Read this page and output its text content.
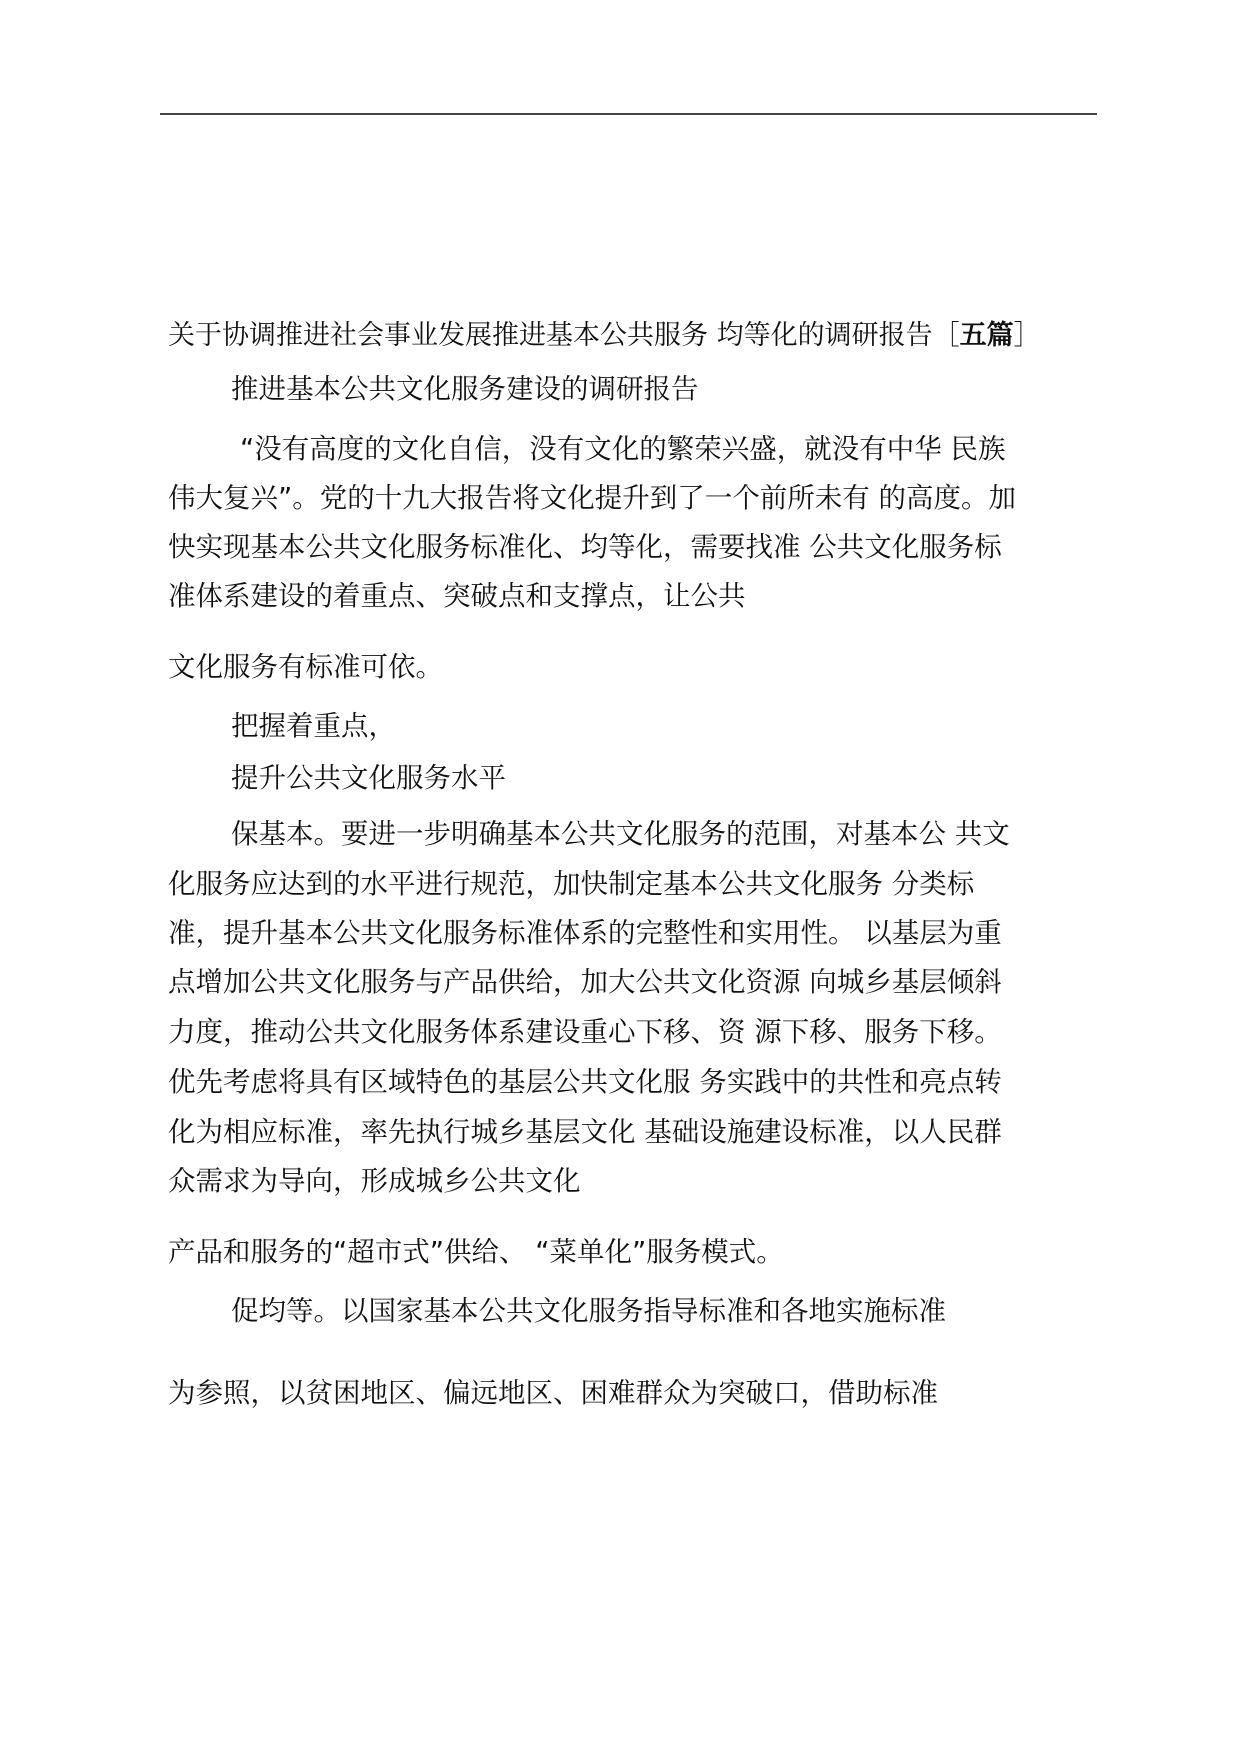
关于协调推进社会事业发展推进基本公共服务 均等化的调研报告［五篇］
推进基本公共文化服务建设的调研报告
“没有高度的文化自信，没有文化的繁荣兴盛，就没有中华 民族
伟大复兴”。党的十九大报告将文化提升到了一个前所未有 的高度。加
快实现基本公共文化服务标准化、均等化，需要找准 公共文化服务标
准体系建设的着重点、突破点和支撑点，让公共
文化服务有标准可依。
把握着重点，
提升公共文化服务水平
保基本。要进一步明确基本公共文化服务的范围，对基本公 共文
化服务应达到的水平进行规范，加快制定基本公共文化服务 分类标
准，提升基本公共文化服务标准体系的完整性和实用性。 以基层为重
点增加公共文化服务与产品供给，加大公共文化资源 向城乡基层倾斜
力度，推动公共文化服务体系建设重心下移、资 源下移、服务下移。
优先考虑将具有区域特色的基层公共文化服 务实践中的共性和亮点转
化为相应标准，率先执行城乡基层文化 基础设施建设标准，以人民群
众需求为导向，形成城乡公共文化
产品和服务的“超市式”供给、 “菜单化”服务模式。
促均等。以国家基本公共文化服务指导标准和各地实施标准
为参照，以贫困地区、偏远地区、困难群众为突破口，借助标准
